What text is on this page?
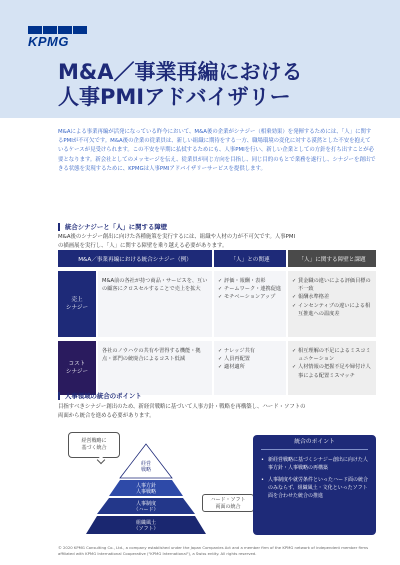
KPMG
M&A／事業再編における
人事PMIアドバイザリー

M&Aによる事業再編が活発になっている昨今において、M&A後の企業がシナジー（相乗効果）を発揮するためには、「人」に関するPMIが不可欠です。M&A後の企業の従業員は、新しい組織に期待をする一方、職場環境の変化に対する漠然とした不安を抱えているケースが見受けられます。この不安を早期に払拭するためにも、人事PMIを行い、新しい企業としての方針を打ち出すことが必要となります。新会社としてのメッセージを伝え、従業員が同じ方向を目指し、同じ目的のもとで業務を遂行し、シナジーを創出できる状態を実現するために、KPMGは人事PMIアドバイザリーサービスを提供します。

統合シナジーと「人」に関する障壁

M&A後のシナジー創出に向けた各種施策を実行するには、組織や人材の力が不可欠です。人事PMIの描画展を実行し、「人」に関する障壁を乗り越える必要があります。

M&A／事業再編における統合シナジー（例）	「人」との関連	「人」に関する障壁と課題
売上
シナジー
M&A前の各社が持つ商品・サービスを、互いの顧客にクロスセルすることで売上を拡大
✓ 評価・報酬・表彰
✓ チームワーク・連携促進
✓ モチベーションアップ
✓ 賃金職の違いによる評価目標の不一致
✓ 報酬水準格差
✓ インセンティブの違いによる相互推進への温度差
コスト
シナジー
各社のノウハウの共有や習得する機能・拠点・部門の統廃合によるコスト低減
✓ ナレッジ共有
✓ 人員再配置
✓ 適材適所
✓ 相互理解の不足によるミスコミュニケーション
✓ 人材情報の把握不足や婦付け人事による配置ミスマッチ
人事領域の統合のポイント

目指すべきシナジー創出のため、新経営戦略に基づいて人事方針・戦略を再構築し、ハード・ソフトの両面から統合を進める必要があります。

経営戦略に
基づく統合
経営戦略
人事方針人事戦略
人事制度（ハード）
組織風土（ソフト）
ハード・ソフト
両面の統合
統合のポイント
• 新経営戦略に基づくシナジー創出に向けた人事方針・人事戦略の再構築
• 人事制度や就労条件といったハード面の統合のみならず、組織風土・文化といったソフト面を合わせた統合の推進

© 2020 KPMG Consulting Co., Ltd., a company established under the Japan Companies Act and a member firm of the KPMG network of independent member firms affiliated with KPMG International Cooperative ("KPMG International"), a Swiss entity. All rights reserved.
